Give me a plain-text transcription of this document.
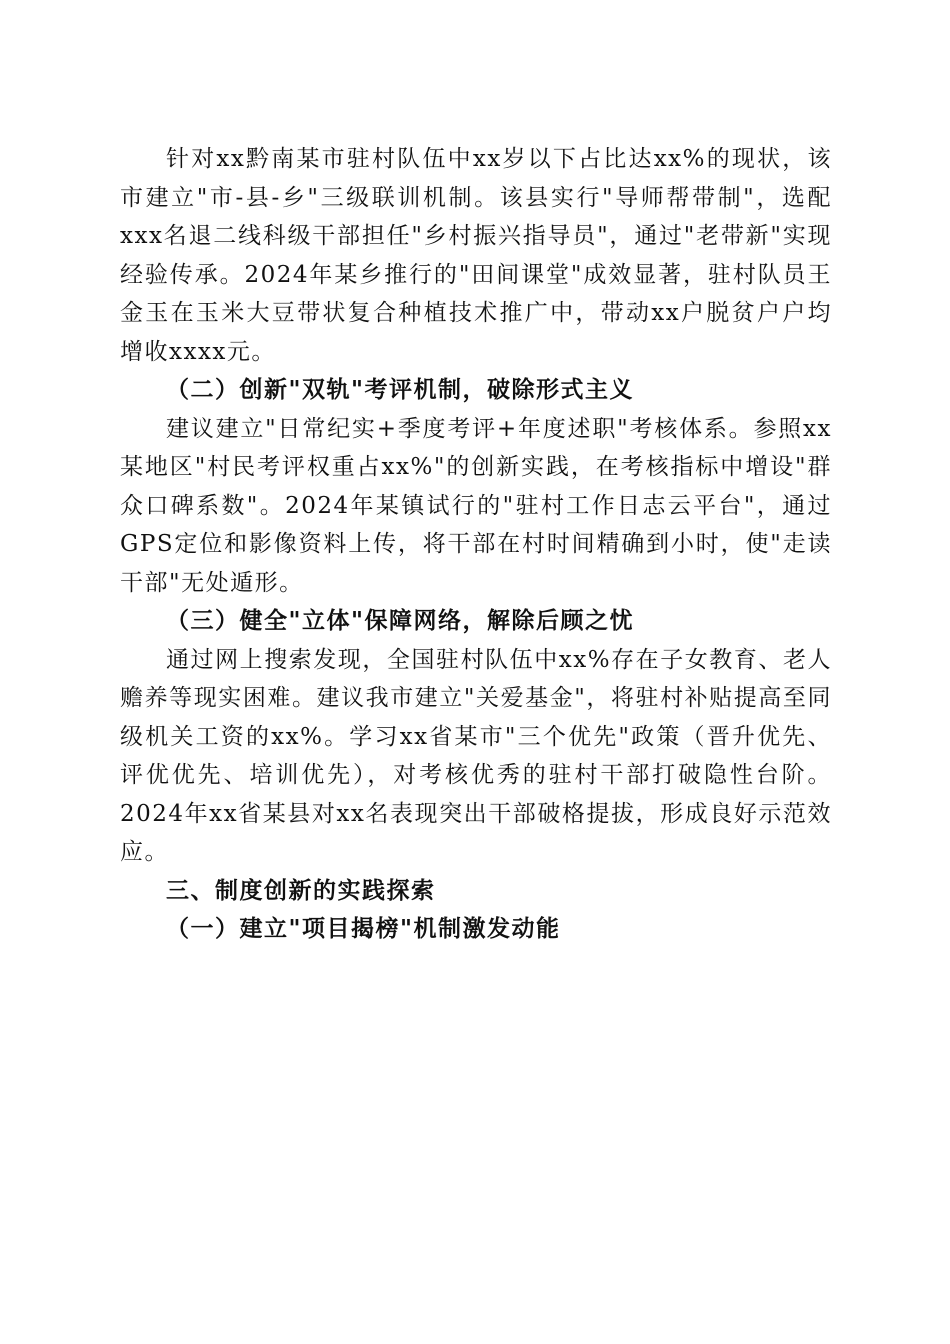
针对xx黔南某市驻村队伍中xx岁以下占比达xx%的现状，该市建立"市-县-乡"三级联训机制。该县实行"导师帮带制"，选配xxx名退二线科级干部担任"乡村振兴指导员"，通过"老带新"实现经验传承。2024年某乡推行的"田间课堂"成效显著，驻村队员王金玉在玉米大豆带状复合种植技术推广中，带动xx户脱贫户户均增收xxxx元。

（二）创新"双轨"考评机制，破除形式主义

建议建立"日常纪实+季度考评+年度述职"考核体系。参照xx某地区"村民考评权重占xx%"的创新实践，在考核指标中增设"群众口碑系数"。2024年某镇试行的"驻村工作日志云平台"，通过GPS定位和影像资料上传，将干部在村时间精确到小时，使"走读干部"无处遁形。

（三）健全"立体"保障网络，解除后顾之忧

通过网上搜索发现，全国驻村队伍中xx%存在子女教育、老人赡养等现实困难。建议我市建立"关爱基金"，将驻村补贴提高至同级机关工资的xx%。学习xx省某市"三个优先"政策（晋升优先、评优优先、培训优先），对考核优秀的驻村干部打破隐性台阶。2024年xx省某县对xx名表现突出干部破格提拔，形成良好示范效应。

三、制度创新的实践探索

（一）建立"项目揭榜"机制激发动能
